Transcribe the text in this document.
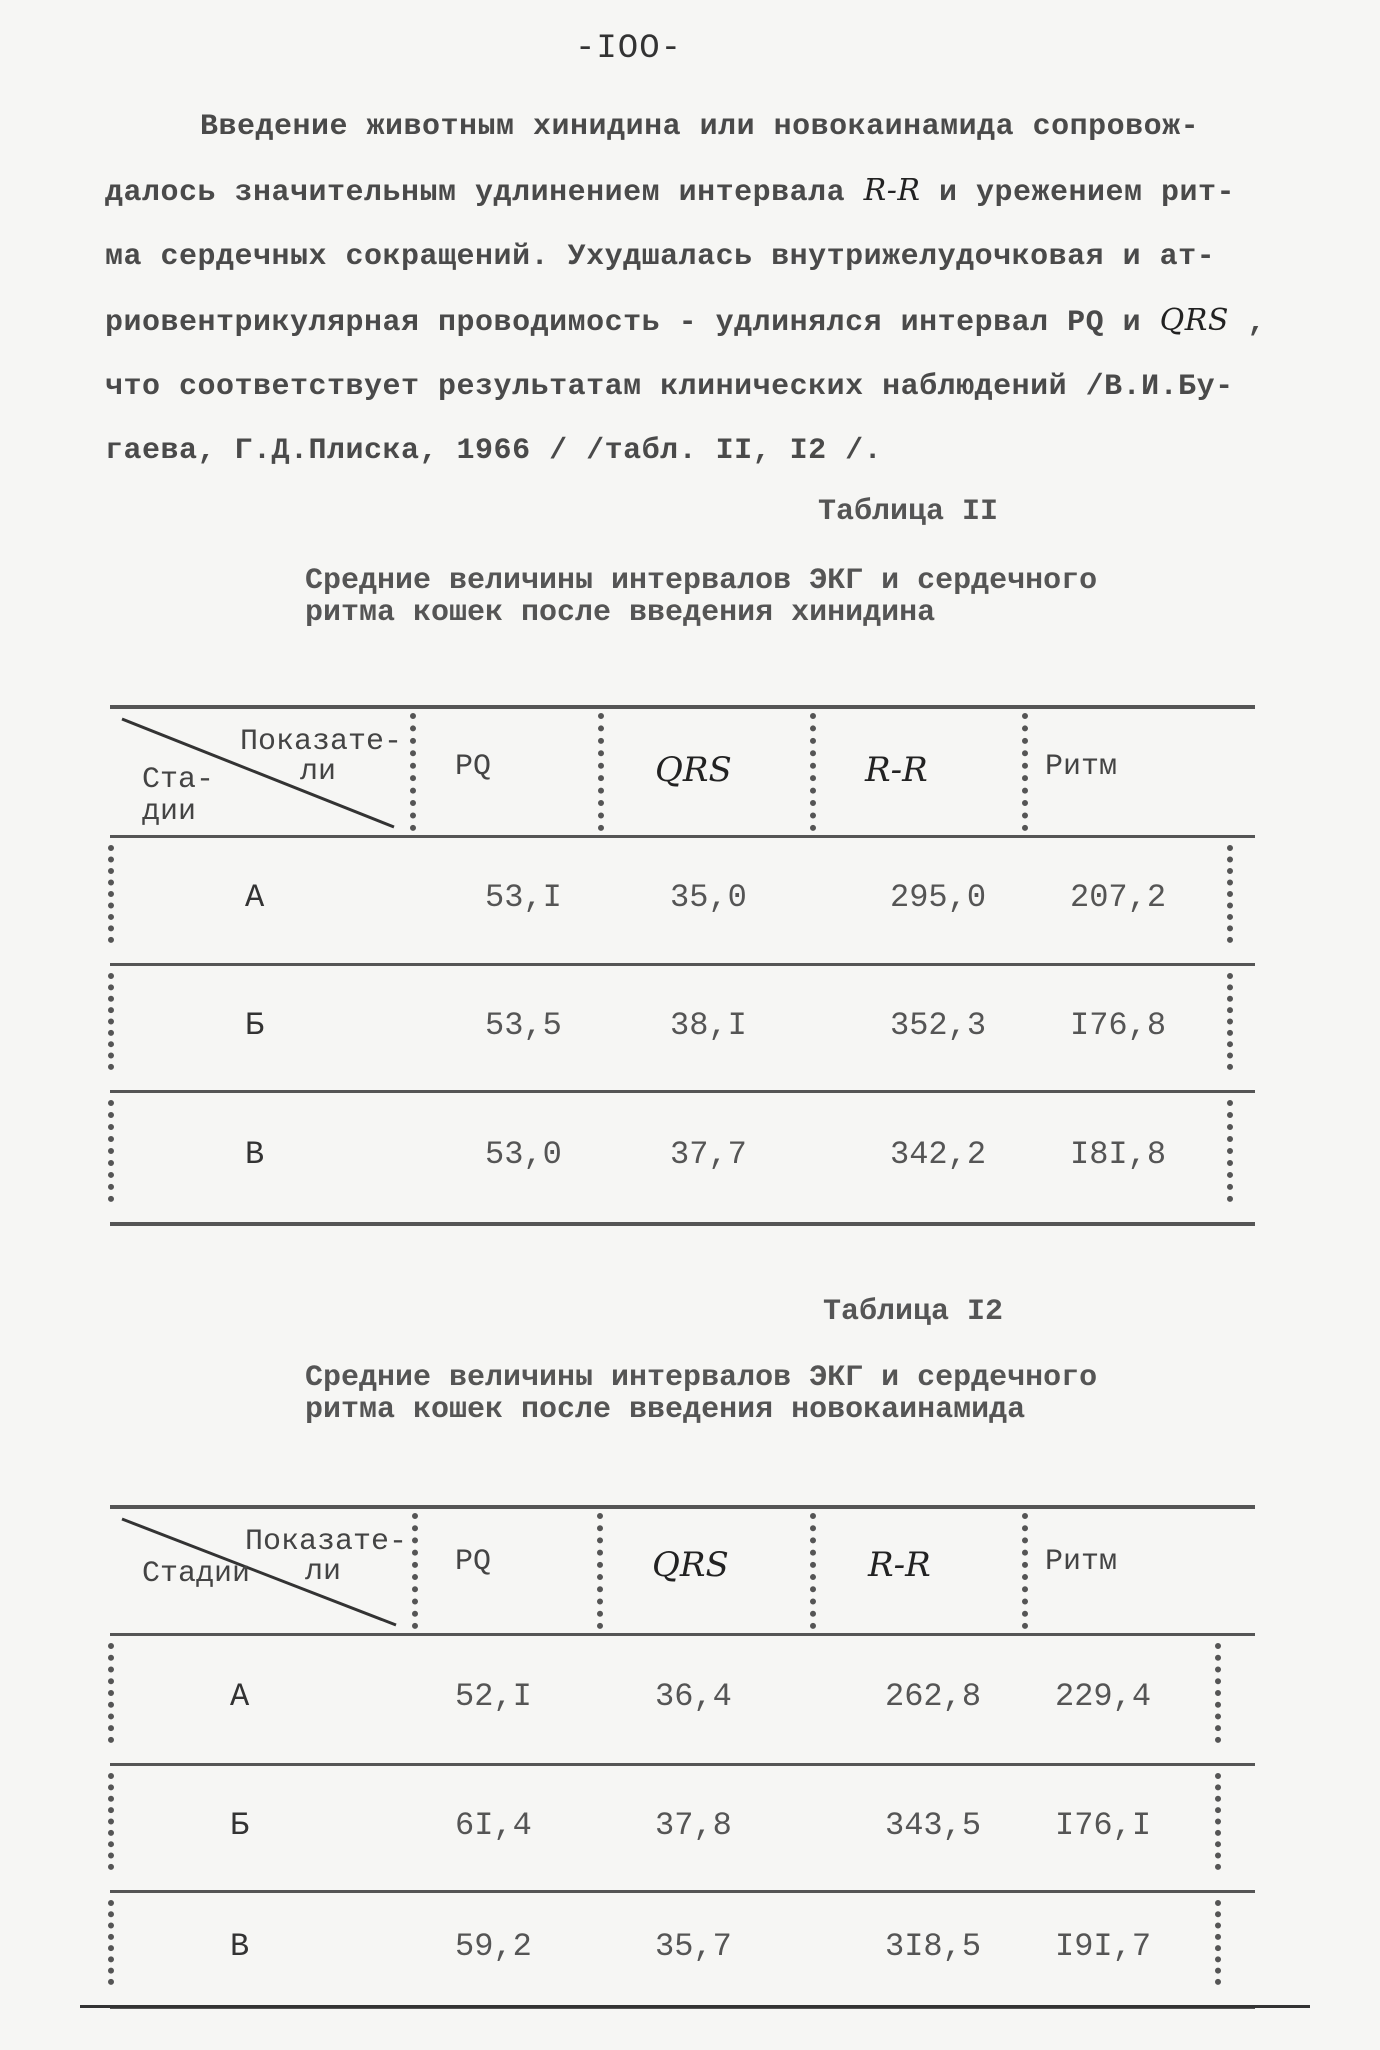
-IOO-
Введение животным хинидина или новокаинамида сопровож-
далось значительным удлинением интервала R-R и урежением рит-
ма сердечных сокращений. Ухудшалась внутрижелудочковая и ат-
риовентрикулярная проводимость - удлинялся интервал PQ и QRS ,
что соответствует результатам клинических наблюдений /В.И.Бу-
гаева, Г.Д.Плиска, 1966 / /табл. II, I2 /.
Таблица II
Средние величины интервалов ЭКГ и сердечного
ритма кошек после введения хинидина
Показате-
ли
Ста-
дии
PQ	QRS	R-R	Ритм
А	53,I	35,0	295,0	207,2
Б	53,5	38,I	352,3	I76,8
В	53,0	37,7	342,2	I8I,8
Таблица I2
Средние величины интервалов ЭКГ и сердечного
ритма кошек после введения новокаинамида
Показате-
ли
Стадии	PQ	QRS	R-R	Ритм
А	52,I	36,4	262,8 229,4
Б	6I,4	37,8	343,5 I76,I
В	59,2	35,7	3I8,5 I9I,7
